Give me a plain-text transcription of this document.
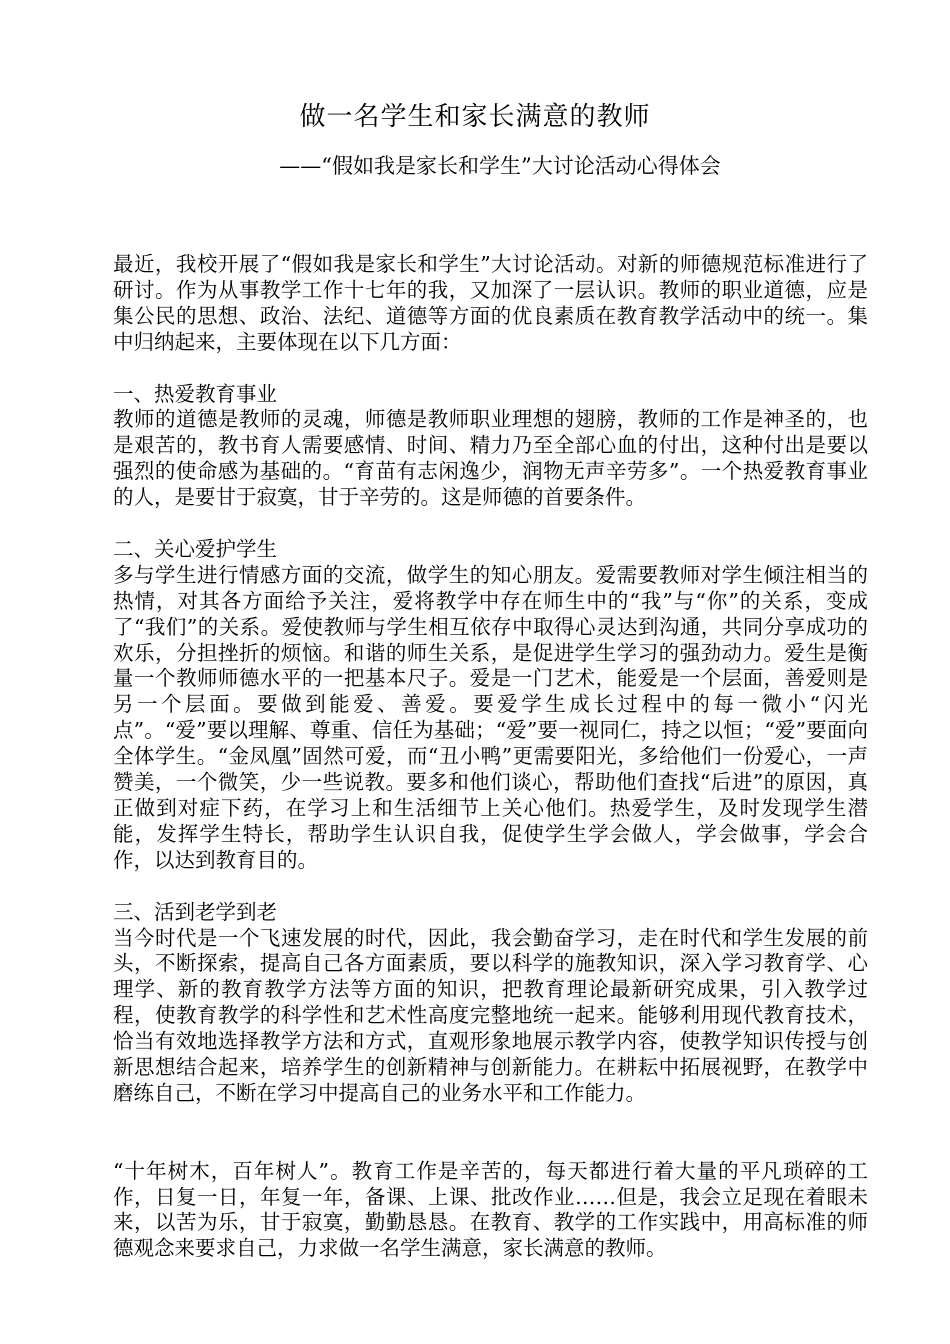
做一名学生和家长满意的教师
——“假如我是家长和学生”大讨论活动心得体会

最近，我校开展了“假如我是家长和学生”大讨论活动。对新的师德规范标准进行了研讨。作为从事教学工作十七年的我，又加深了一层认识。教师的职业道德，应是集公民的思想、政治、法纪、道德等方面的优良素质在教育教学活动中的统一。集中归纳起来，主要体现在以下几方面：

一、热爱教育事业

教师的道德是教师的灵魂，师德是教师职业理想的翅膀，教师的工作是神圣的，也是艰苦的，教书育人需要感情、时间、精力乃至全部心血的付出，这种付出是要以强烈的使命感为基础的。“育苗有志闲逸少，润物无声辛劳多”。一个热爱教育事业的人，是要甘于寂寞，甘于辛劳的。这是师德的首要条件。

二、关心爱护学生

多与学生进行情感方面的交流，做学生的知心朋友。爱需要教师对学生倾注相当的热情，对其各方面给予关注，爱将教学中存在师生中的“我”与“你”的关系，变成了“我们”的关系。爱使教师与学生相互依存中取得心灵达到沟通，共同分享成功的欢乐，分担挫折的烦恼。和谐的师生关系，是促进学生学习的强劲动力。爱生是衡量一个教师师德水平的一把基本尺子。爱是一门艺术，能爱是一个层面，善爱则是另一个层面。要做到能爱、善爱。要爱学生成长过程中的每一微小“闪光点”。“爱”要以理解、尊重、信任为基础；“爱”要一视同仁，持之以恒；“爱”要面向全体学生。“金凤凰”固然可爱，而“丑小鸭”更需要阳光，多给他们一份爱心，一声赞美，一个微笑，少一些说教。要多和他们谈心，帮助他们查找“后进”的原因，真正做到对症下药，在学习上和生活细节上关心他们。热爱学生，及时发现学生潜能，发挥学生特长，帮助学生认识自我，促使学生学会做人，学会做事，学会合作，以达到教育目的。

三、活到老学到老

当今时代是一个飞速发展的时代，因此，我会勤奋学习，走在时代和学生发展的前头，不断探索，提高自己各方面素质，要以科学的施教知识，深入学习教育学、心理学、新的教育教学方法等方面的知识，把教育理论最新研究成果，引入教学过程，使教育教学的科学性和艺术性高度完整地统一起来。能够利用现代教育技术，恰当有效地选择教学方法和方式，直观形象地展示教学内容，使教学知识传授与创新思想结合起来，培养学生的创新精神与创新能力。在耕耘中拓展视野，在教学中磨练自己，不断在学习中提高自己的业务水平和工作能力。

“十年树木，百年树人”。教育工作是辛苦的，每天都进行着大量的平凡琐碎的工作，日复一日，年复一年，备课、上课、批改作业……但是，我会立足现在着眼未来，以苦为乐，甘于寂寞，勤勤恳恳。在教育、教学的工作实践中，用高标准的师德观念来要求自己，力求做一名学生满意，家长满意的教师。
